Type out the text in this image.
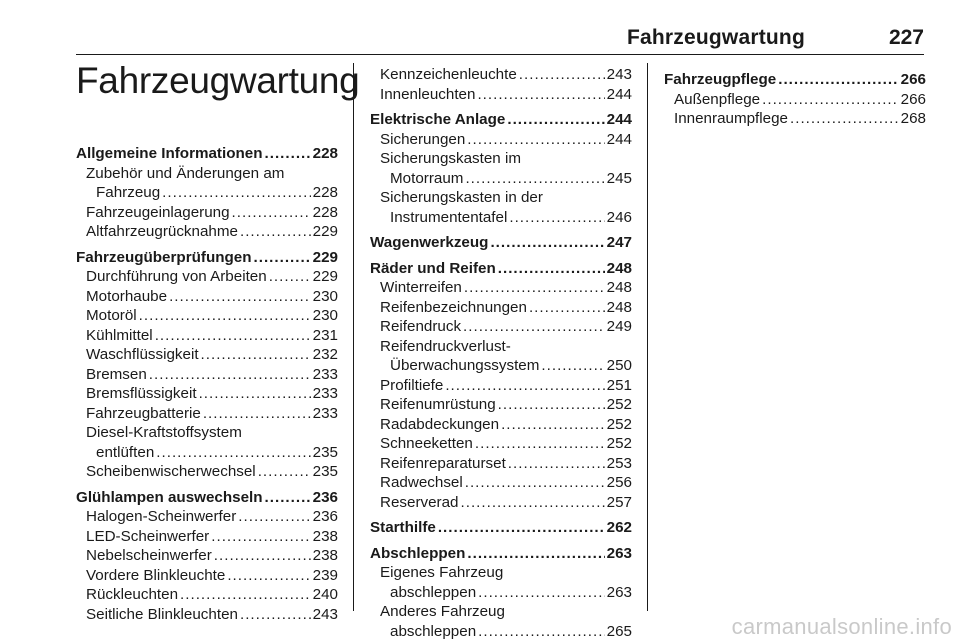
Fahrzeugwartung	227
Fahrzeugwartung
Allgemeine Informationen .....	228
Zubehör und Änderungen am
Fahrzeug .....	228
Fahrzeugeinlagerung .....	228
Altfahrzeugrücknahme .....	229
Fahrzeugüberprüfungen .....	229
Durchführung von Arbeiten .....	229
Motorhaube .....	230
Motoröl .....	230
Kühlmittel .....	231
Waschflüssigkeit .....	232
Bremsen .....	233
Bremsflüssigkeit .....	233
Fahrzeugbatterie .....	233
Diesel-Kraftstoffsystem
entlüften .....	235
Scheibenwischerwechsel .....	235
Glühlampen auswechseln .....	236
Halogen-Scheinwerfer .....	236
LED-Scheinwerfer .....	238
Nebelscheinwerfer .....	238
Vordere Blinkleuchte .....	239
Rückleuchten .....	240
Seitliche Blinkleuchten .....	243
Kennzeichenleuchte .....	243
Innenleuchten .....	244
Elektrische Anlage .....	244
Sicherungen .....	244
Sicherungskasten im
Motorraum .....	245
Sicherungskasten in der
Instrumententafel .....	246
Wagenwerkzeug .....	247
Räder und Reifen .....	248
Winterreifen .....	248
Reifenbezeichnungen .....	248
Reifendruck .....	249
Reifendruckverlust-
Überwachungssystem .....	250
Profiltiefe .....	251
Reifenumrüstung .....	252
Radabdeckungen .....	252
Schneeketten .....	252
Reifenreparaturset .....	253
Radwechsel .....	256
Reserverad .....	257
Starthilfe .....	262
Abschleppen .....	263
Eigenes Fahrzeug
abschleppen .....	263
Anderes Fahrzeug
abschleppen .....	265
Fahrzeugpflege .....	266
Außenpflege .....	266
Innenraumpflege .....	268
carmanualsonline.info
